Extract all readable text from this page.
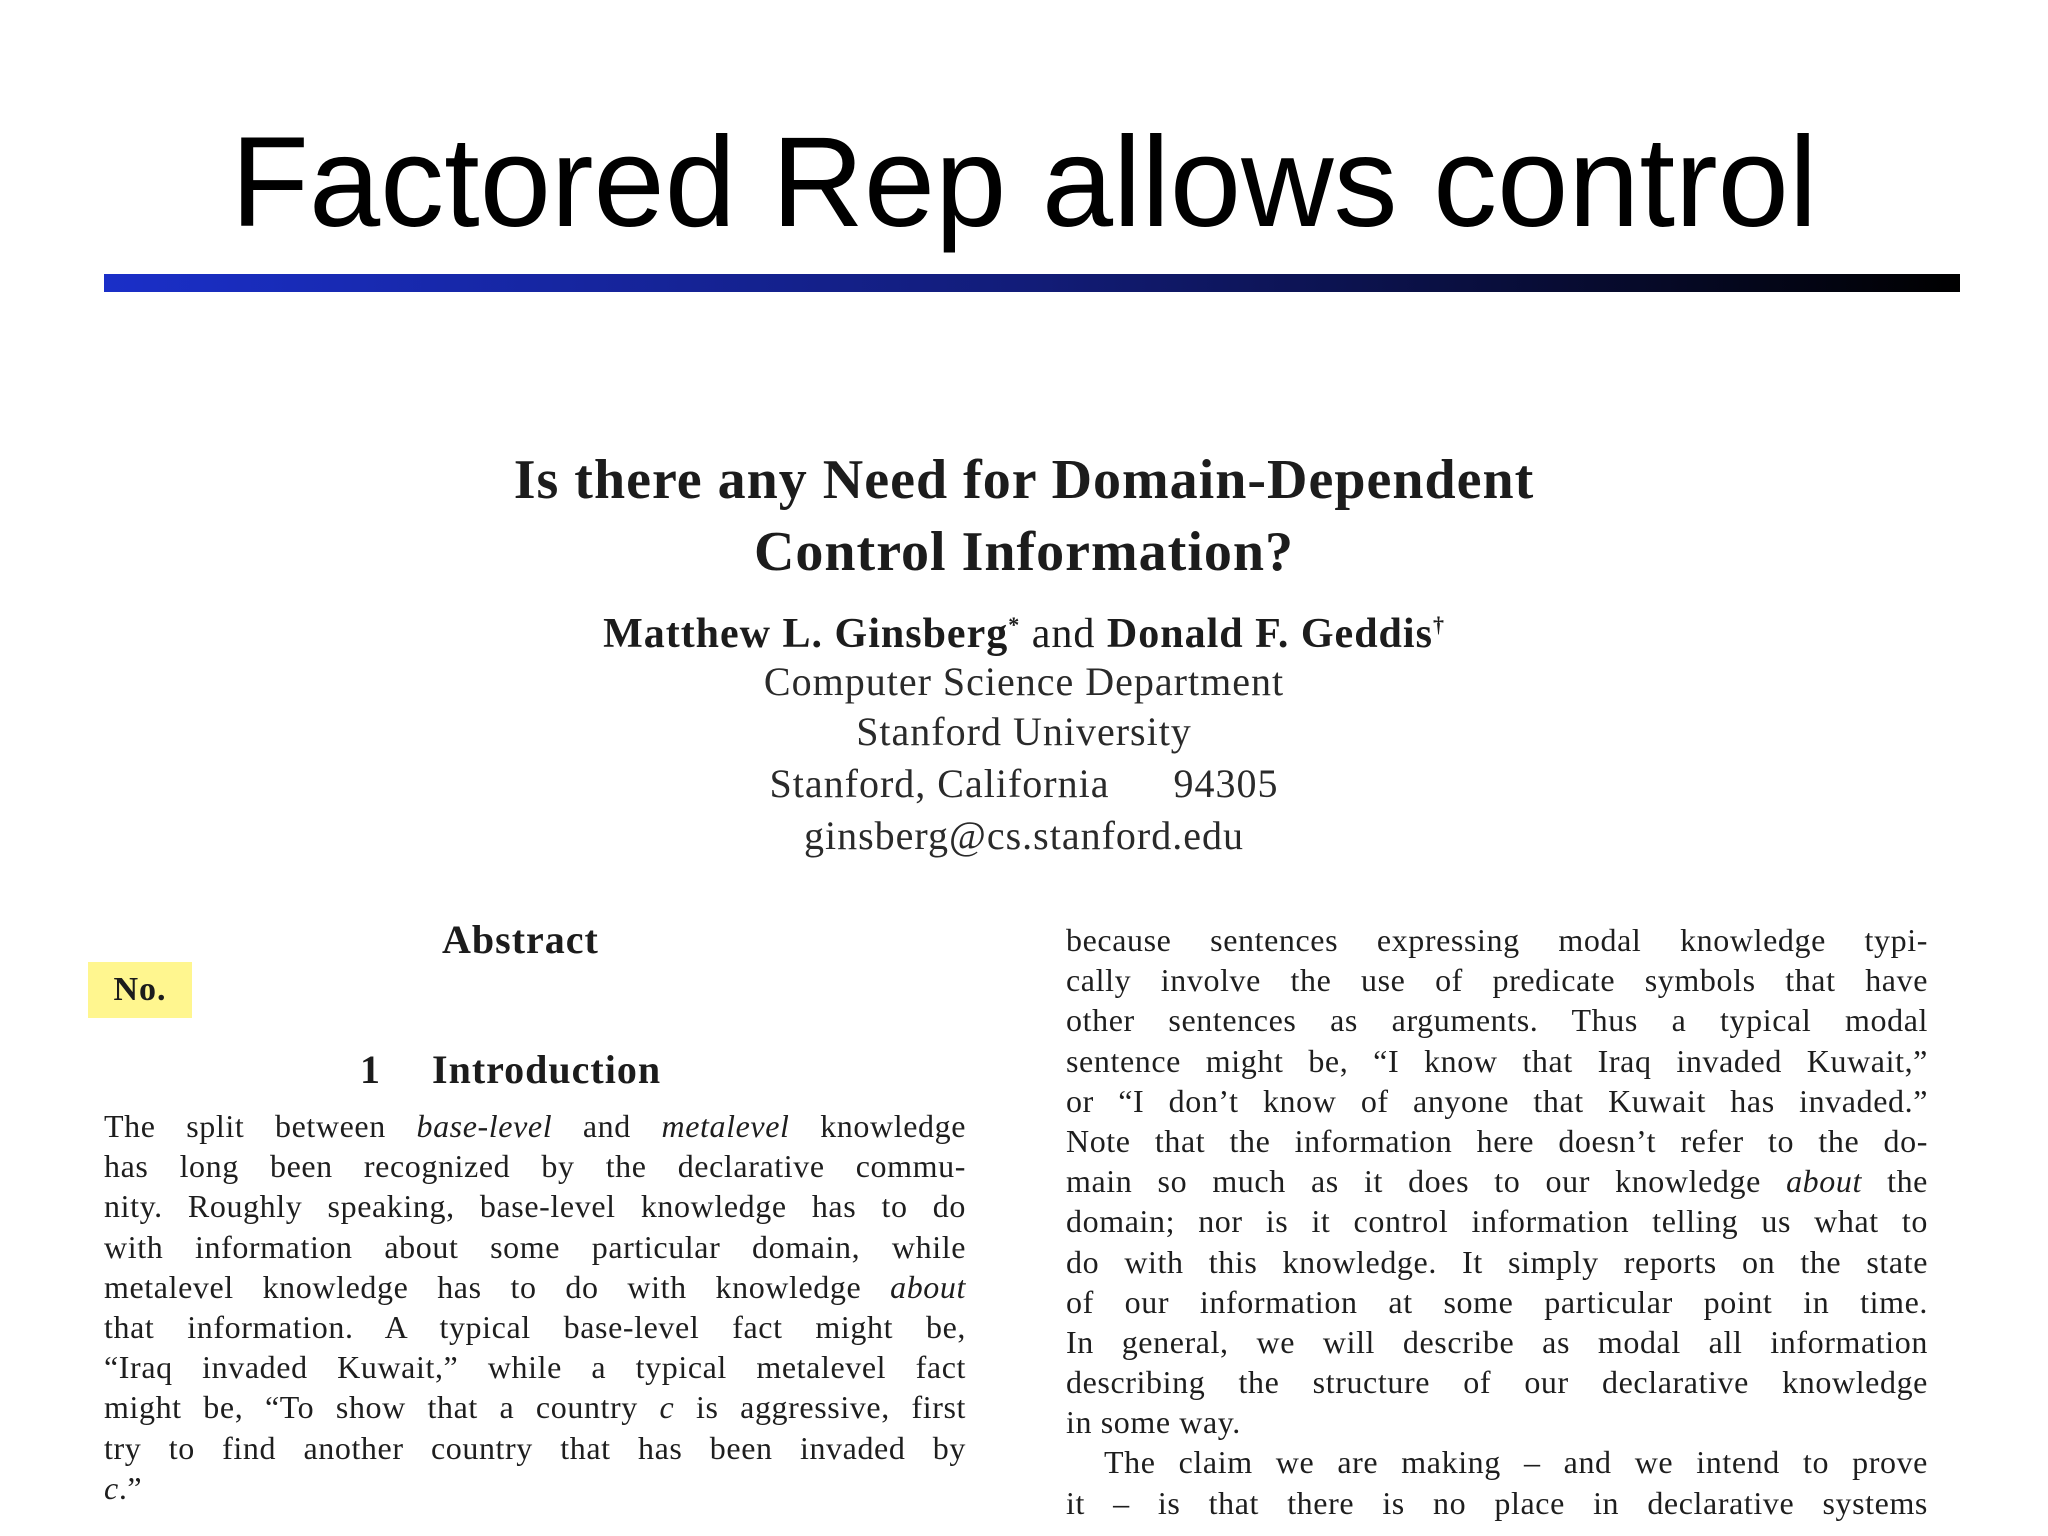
Factored Rep allows control
Is there any Need for Domain-Dependent
Control Information?
Matthew L. Ginsberg* and Donald F. Geddis†
Computer Science Department
Stanford University
Stanford, California 94305
ginsberg@cs.stanford.edu
Abstract
No.
1 Introduction
The split between base-level and metalevel knowledge
has long been recognized by the declarative commu-
nity. Roughly speaking, base-level knowledge has to do
with information about some particular domain, while
metalevel knowledge has to do with knowledge about
that information. A typical base-level fact might be,
“Iraq invaded Kuwait,” while a typical metalevel fact
might be, “To show that a country c is aggressive, first
try to find another country that has been invaded by
c.”
because sentences expressing modal knowledge typi-
cally involve the use of predicate symbols that have
other sentences as arguments. Thus a typical modal
sentence might be, “I know that Iraq invaded Kuwait,”
or “I don’t know of anyone that Kuwait has invaded.”
Note that the information here doesn’t refer to the do-
main so much as it does to our knowledge about the
domain; nor is it control information telling us what to
do with this knowledge. It simply reports on the state
of our information at some particular point in time.
In general, we will describe as modal all information
describing the structure of our declarative knowledge
in some way.
The claim we are making – and we intend to prove
it – is that there is no place in declarative systems
